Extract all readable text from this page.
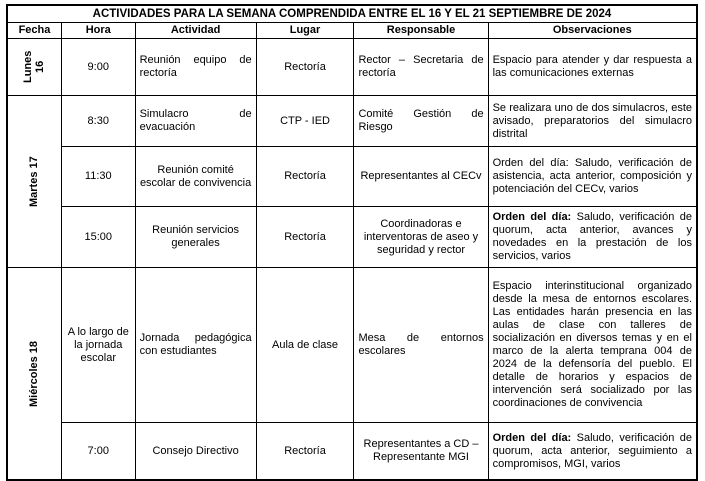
ACTIVIDADES PARA LA SEMANA COMPRENDIDA ENTRE EL 16 Y EL 21 SEPTIEMBRE DE 2024					
Fecha	Hora	Actividad	Lugar	Responsable	Observaciones

Lunes 16	9:00	Reunión equipo de rectoría	Rectoría	Rector – Secretaria de rectoría	Espacio para atender y dar respuesta a las comunicaciones externas

Martes 17	8:30	Simulacro de evacuación	CTP - IED	Comité Gestión de Riesgo	Se realizara uno de dos simulacros, este avisado, preparatorios del simulacro distrital
	11:30	Reunión comité escolar de convivencia	Rectoría	Representantes al CECv	Orden del día: Saludo, verificación de asistencia, acta anterior, composición y potenciación del CECv, varios
	15:00	Reunión servicios generales	Rectoría	Coordinadoras e interventoras de aseo y seguridad y rector	Orden del día: Saludo, verificación de quorum, acta anterior, avances y novedades en la prestación de los servicios, varios

Miércoles 18	A lo largo de la jornada escolar	Jornada pedagógica con estudiantes	Aula de clase	Mesa de entornos escolares	Espacio interinstitucional organizado desde la mesa de entornos escolares. Las entidades harán presencia en las aulas de clase con talleres de socialización en diversos temas y en el marco de la alerta temprana 004 de 2024 de la defensoría del pueblo. El detalle de horarios y espacios de intervención será socializado por las coordinaciones de convivencia
	7:00	Consejo Directivo	Rectoría	Representantes a CD – Representante MGI	Orden del día: Saludo, verificación de quorum, acta anterior, seguimiento a compromisos, MGI, varios
